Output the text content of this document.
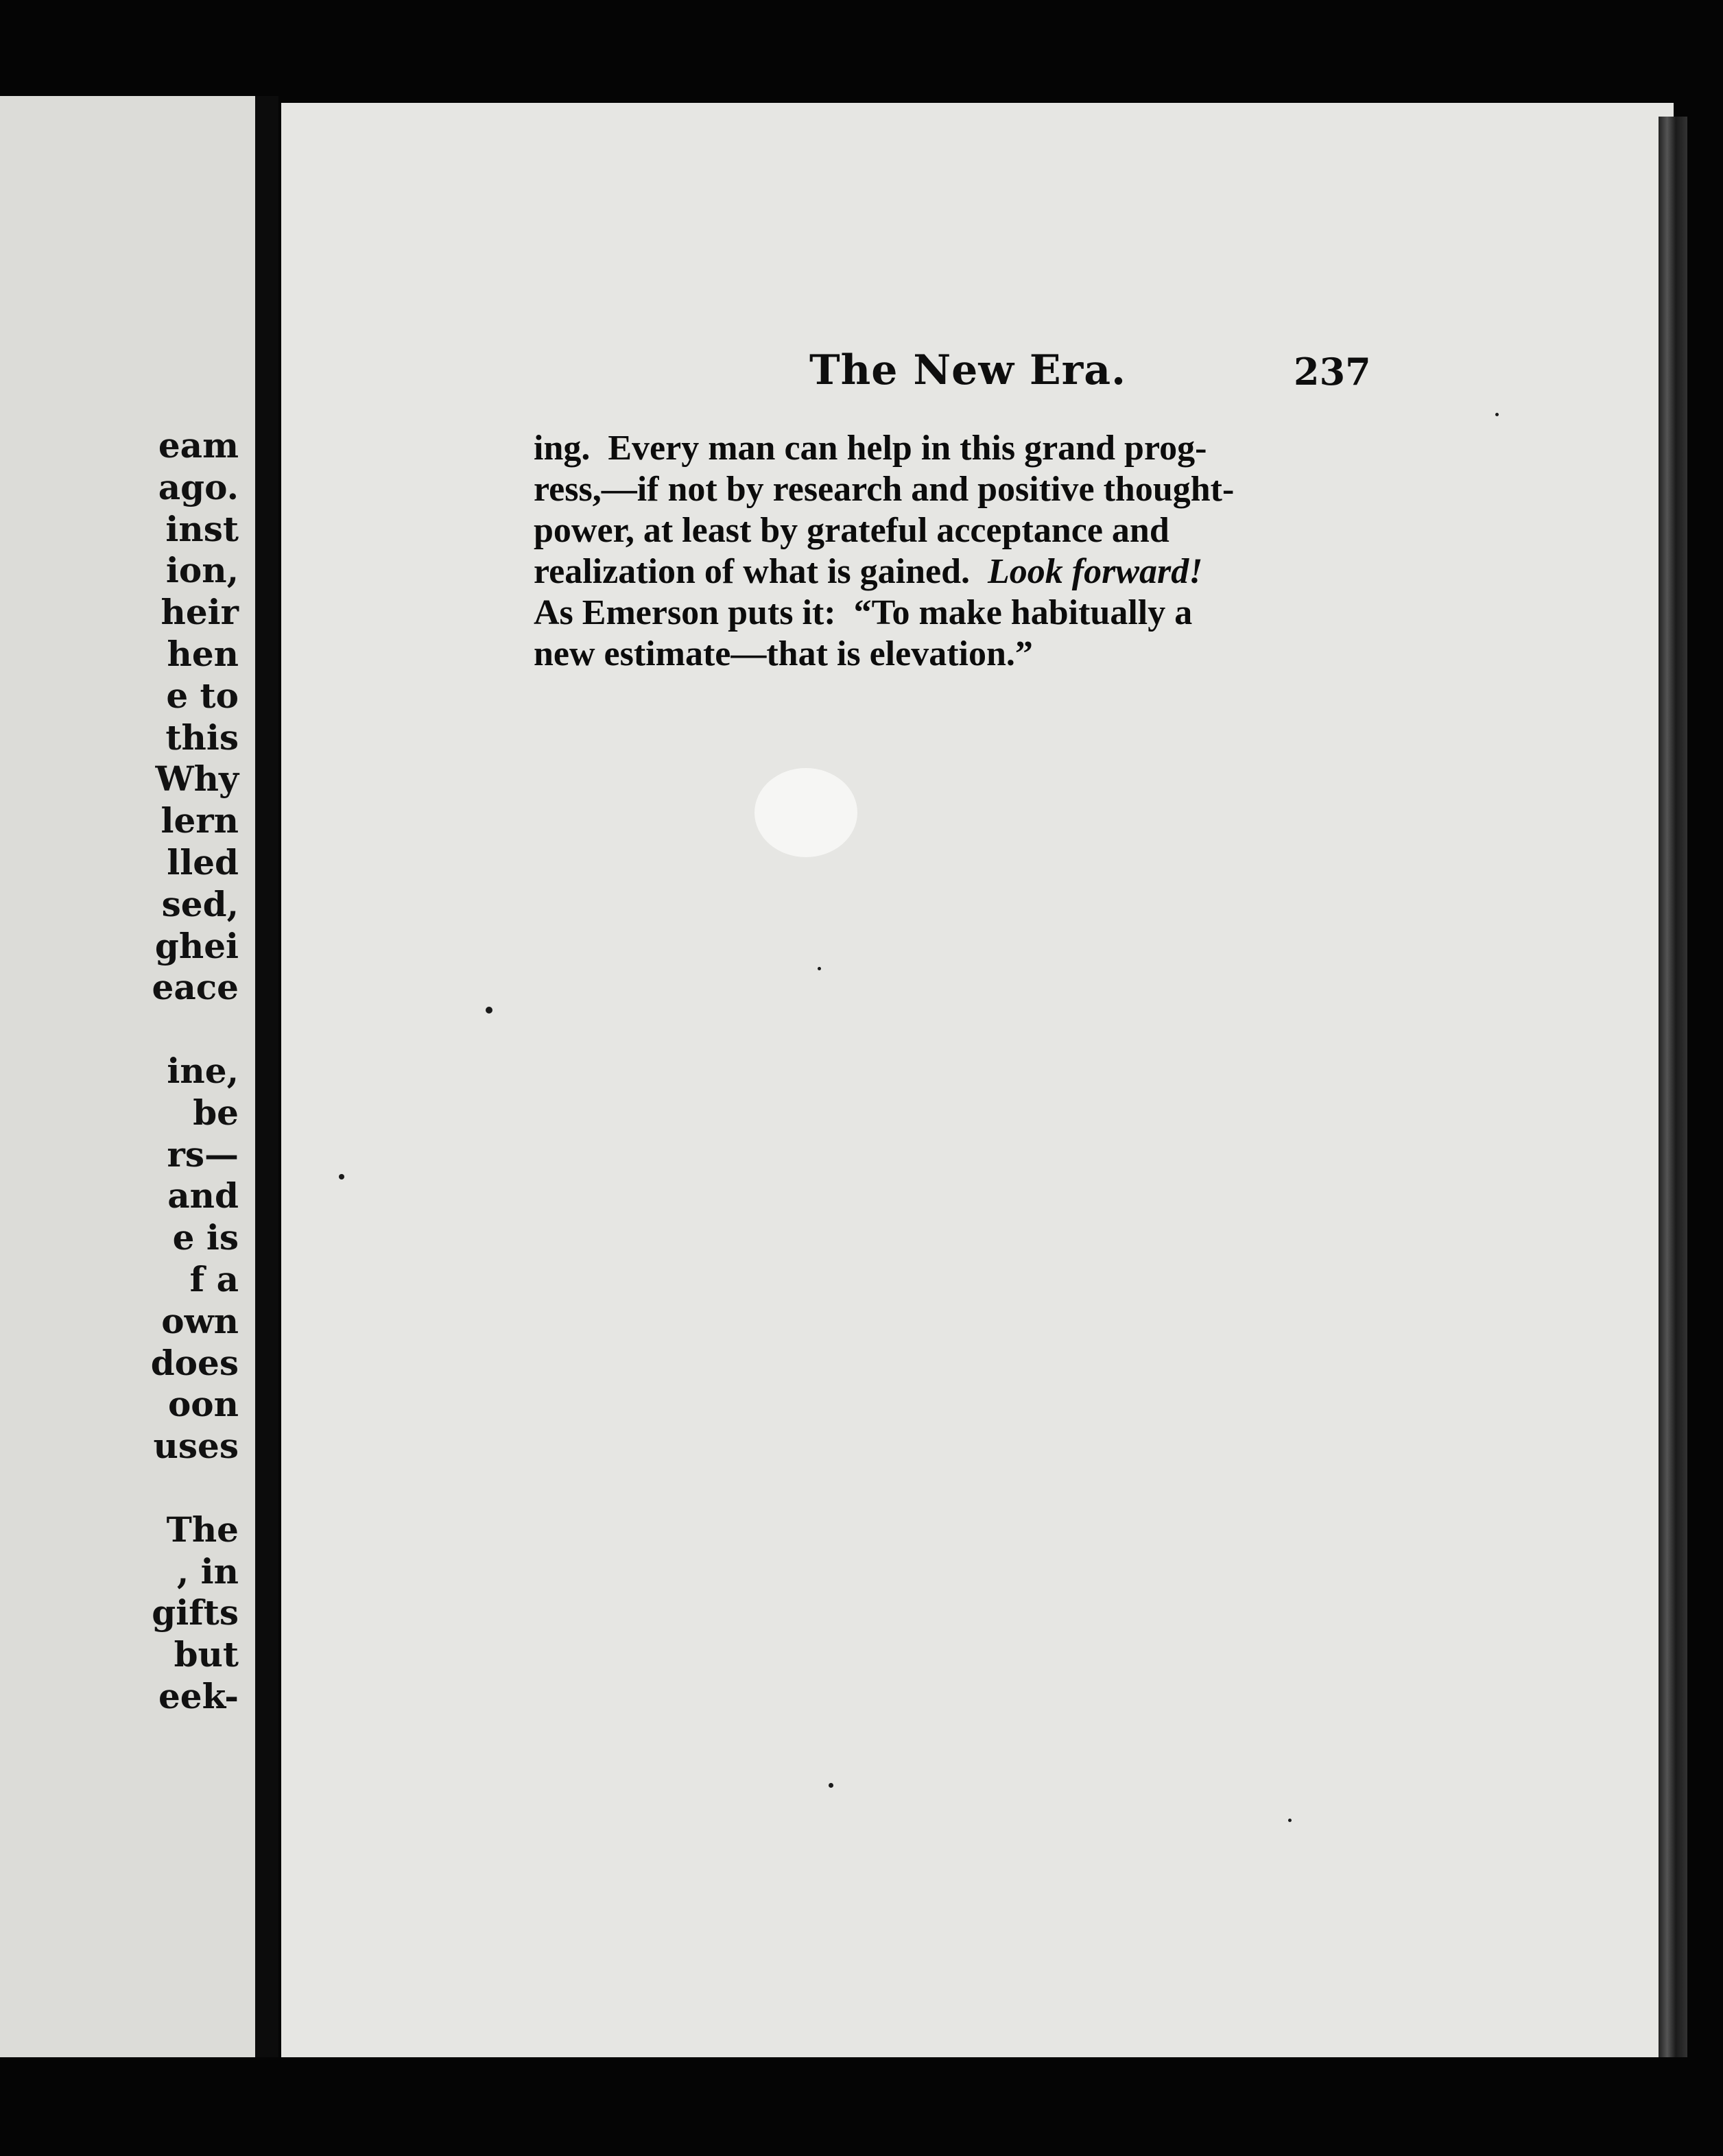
eam
ago.
inst
ion,
heir
hen
e to
this
Why
lern
lled
sed,
ghei
eace
ine,
be
rs—
and
e is
f a
own
does
oon
uses
The
, in
gifts
but
eek-
The New Era.	237
ing.  Every man can help in this grand prog-
ress,—if not by research and positive thought-
power, at least by grateful acceptance and
realization of what is gained. Look forward!
As Emerson puts it:  “To make habitually a
new estimate—that is elevation.”
